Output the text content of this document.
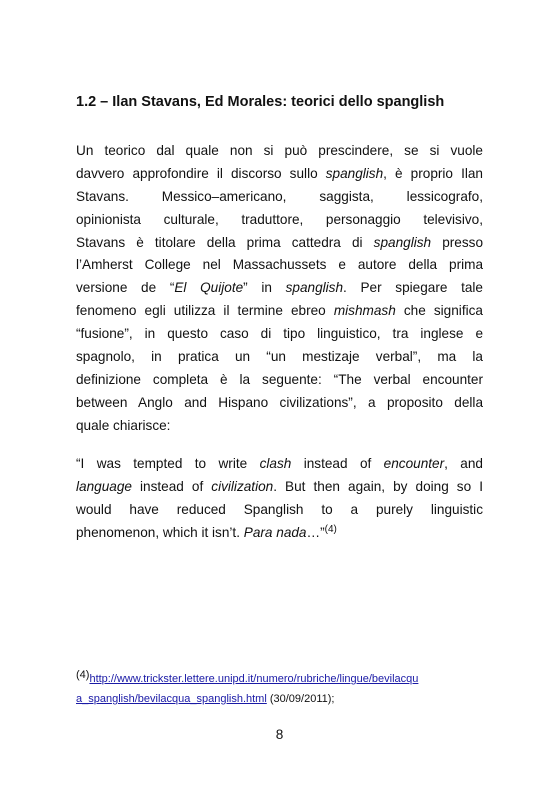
1.2 – Ilan Stavans, Ed Morales: teorici dello spanglish
Un teorico dal quale non si può prescindere, se si vuole
davvero approfondire il discorso sullo spanglish, è proprio Ilan
Stavans. Messico–americano, saggista, lessicografo,
opinionista culturale, traduttore, personaggio televisivo,
Stavans è titolare della prima cattedra di spanglish presso
l’Amherst College nel Massachussets e autore della prima
versione de “El Quijote” in spanglish. Per spiegare tale
fenomeno egli utilizza il termine ebreo mishmash che significa
“fusione”, in questo caso di tipo linguistico, tra inglese e
spagnolo, in pratica un “un mestizaje verbal”, ma la
definizione completa è la seguente: “The verbal encounter
between Anglo and Hispano civilizations”, a proposito della
quale chiarisce:
“I was tempted to write clash instead of encounter, and
language instead of civilization. But then again, by doing so I
would have reduced Spanglish to a purely linguistic
phenomenon, which it isn’t. Para nada…”$^{(4)}$
(4)http://www.trickster.lettere.unipd.it/numero/rubriche/lingue/bevilacqu
a_spanglish/bevilacqua_spanglish.html (30/09/2011);
8
